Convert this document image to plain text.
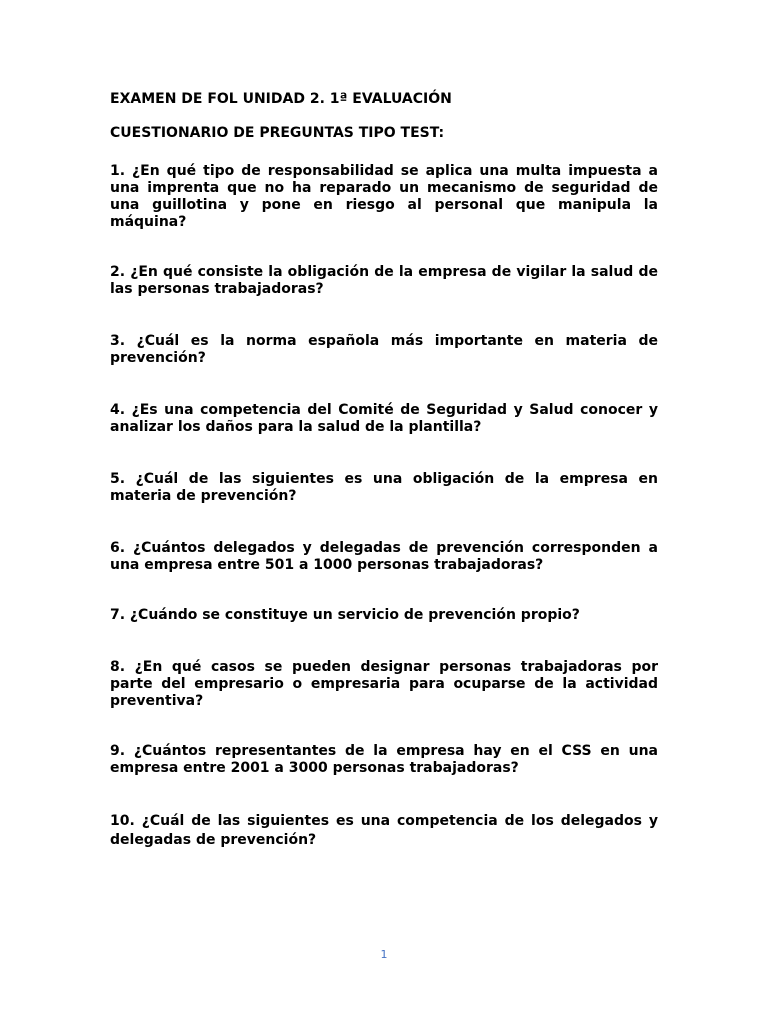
EXAMEN DE FOL UNIDAD 2. 1ª EVALUACIÓN

CUESTIONARIO DE PREGUNTAS TIPO TEST:

1. ¿En qué tipo de responsabilidad se aplica una multa impuesta a una imprenta que no ha reparado un mecanismo de seguridad de una guillotina y pone en riesgo al personal que manipula la máquina?

2. ¿En qué consiste la obligación de la empresa de vigilar la salud de las personas trabajadoras?

3. ¿Cuál es la norma española más importante en materia de prevención?

4. ¿Es una competencia del Comité de Seguridad y Salud conocer y analizar los daños para la salud de la plantilla?

5. ¿Cuál de las siguientes es una obligación de la empresa en materia de prevención?

6. ¿Cuántos delegados y delegadas de prevención corresponden a una empresa entre 501 a 1000 personas trabajadoras?

7. ¿Cuándo se constituye un servicio de prevención propio?

8. ¿En qué casos se pueden designar personas trabajadoras por parte del empresario o empresaria para ocuparse de la actividad preventiva?

9. ¿Cuántos representantes de la empresa hay en el CSS en una empresa entre 2001 a 3000 personas trabajadoras?

10. ¿Cuál de las siguientes es una competencia de los delegados y delegadas de prevención?

1
